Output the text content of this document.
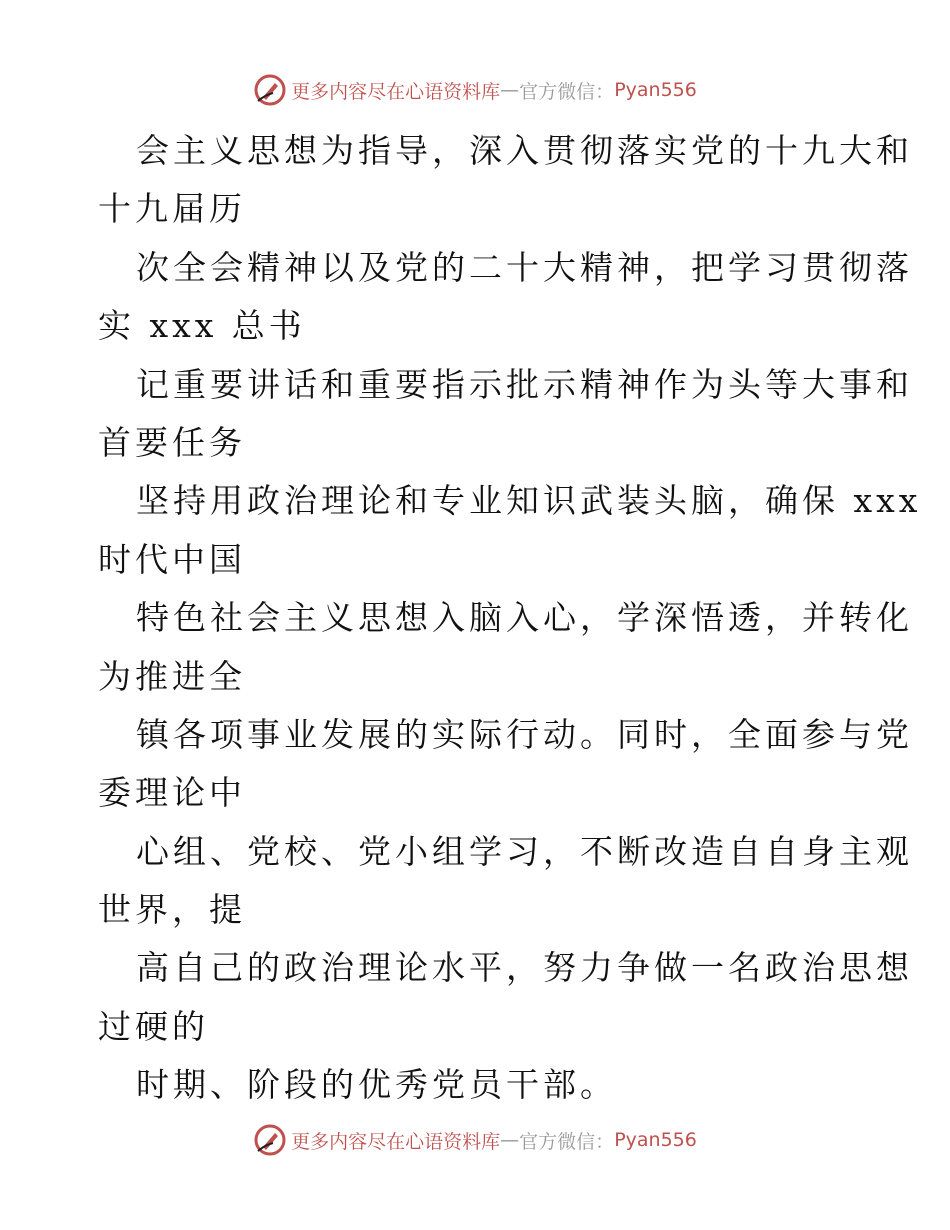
更多内容尽在心语资料库 — 官方微信： Pyan556
会主义思想为指导，深入贯彻落实党的十九大和
十九届历
次全会精神以及党的二十大精神，把学习贯彻落
实 xxx 总书
记重要讲话和重要指示批示精神作为头等大事和
首要任务
坚持用政治理论和专业知识武装头脑，确保 xxx
时代中国
特色社会主义思想入脑入心，学深悟透，并转化
为推进全
镇各项事业发展的实际行动。同时，全面参与党
委理论中
心组、党校、党小组学习，不断改造自自身主观
世界，提
高自己的政治理论水平，努力争做一名政治思想
过硬的
时期、阶段的优秀党员干部。
更多内容尽在心语资料库 — 官方微信： Pyan556
